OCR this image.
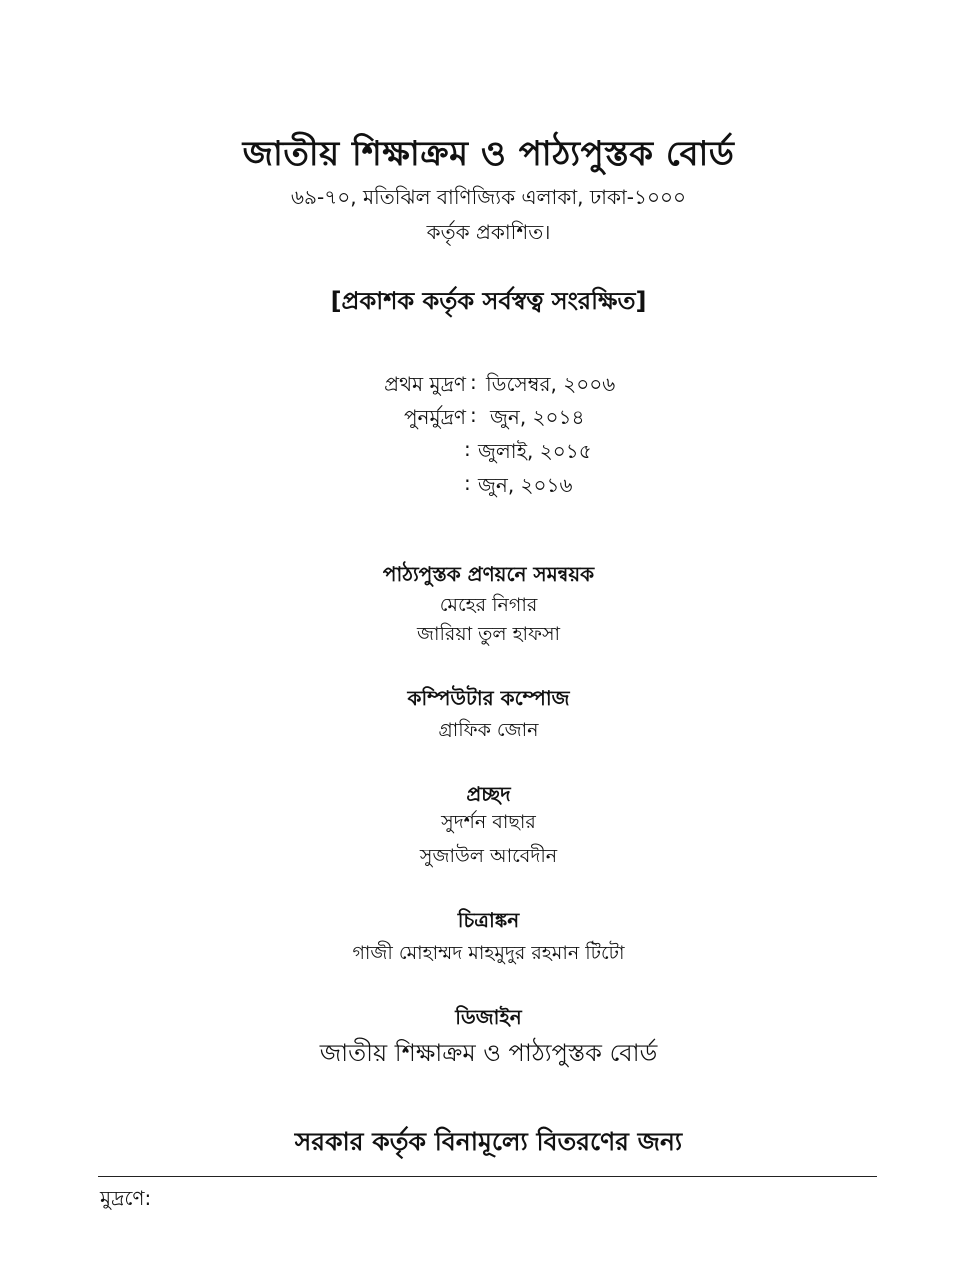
জাতীয় শিক্ষাক্রম ও পাঠ্যপুস্তক বোর্ড
৬৯-৭০, মতিঝিল বাণিজ্যিক এলাকা, ঢাকা-১০০০
কর্তৃক প্রকাশিত।
[প্রকাশক কর্তৃক সর্বস্বত্ব সংরক্ষিত]
প্রথম মুদ্রণ : ডিসেম্বর, ২০০৬
পুনর্মুদ্রণ : জুন, ২০১৪
: জুলাই, ২০১৫
: জুন, ২০১৬
পাঠ্যপুস্তক প্রণয়নে সমন্বয়ক
মেহের নিগার
জারিয়া তুল হাফসা
কম্পিউটার কম্পোজ
গ্রাফিক জোন
প্রচ্ছদ
সুদর্শন বাছার
সুজাউল আবেদীন
চিত্রাঙ্কন
গাজী মোহাম্মদ মাহমুদুর রহমান টিটো
ডিজাইন
জাতীয় শিক্ষাক্রম ও পাঠ্যপুস্তক বোর্ড
সরকার কর্তৃক বিনামূল্যে বিতরণের জন্য
মুদ্রণে:
